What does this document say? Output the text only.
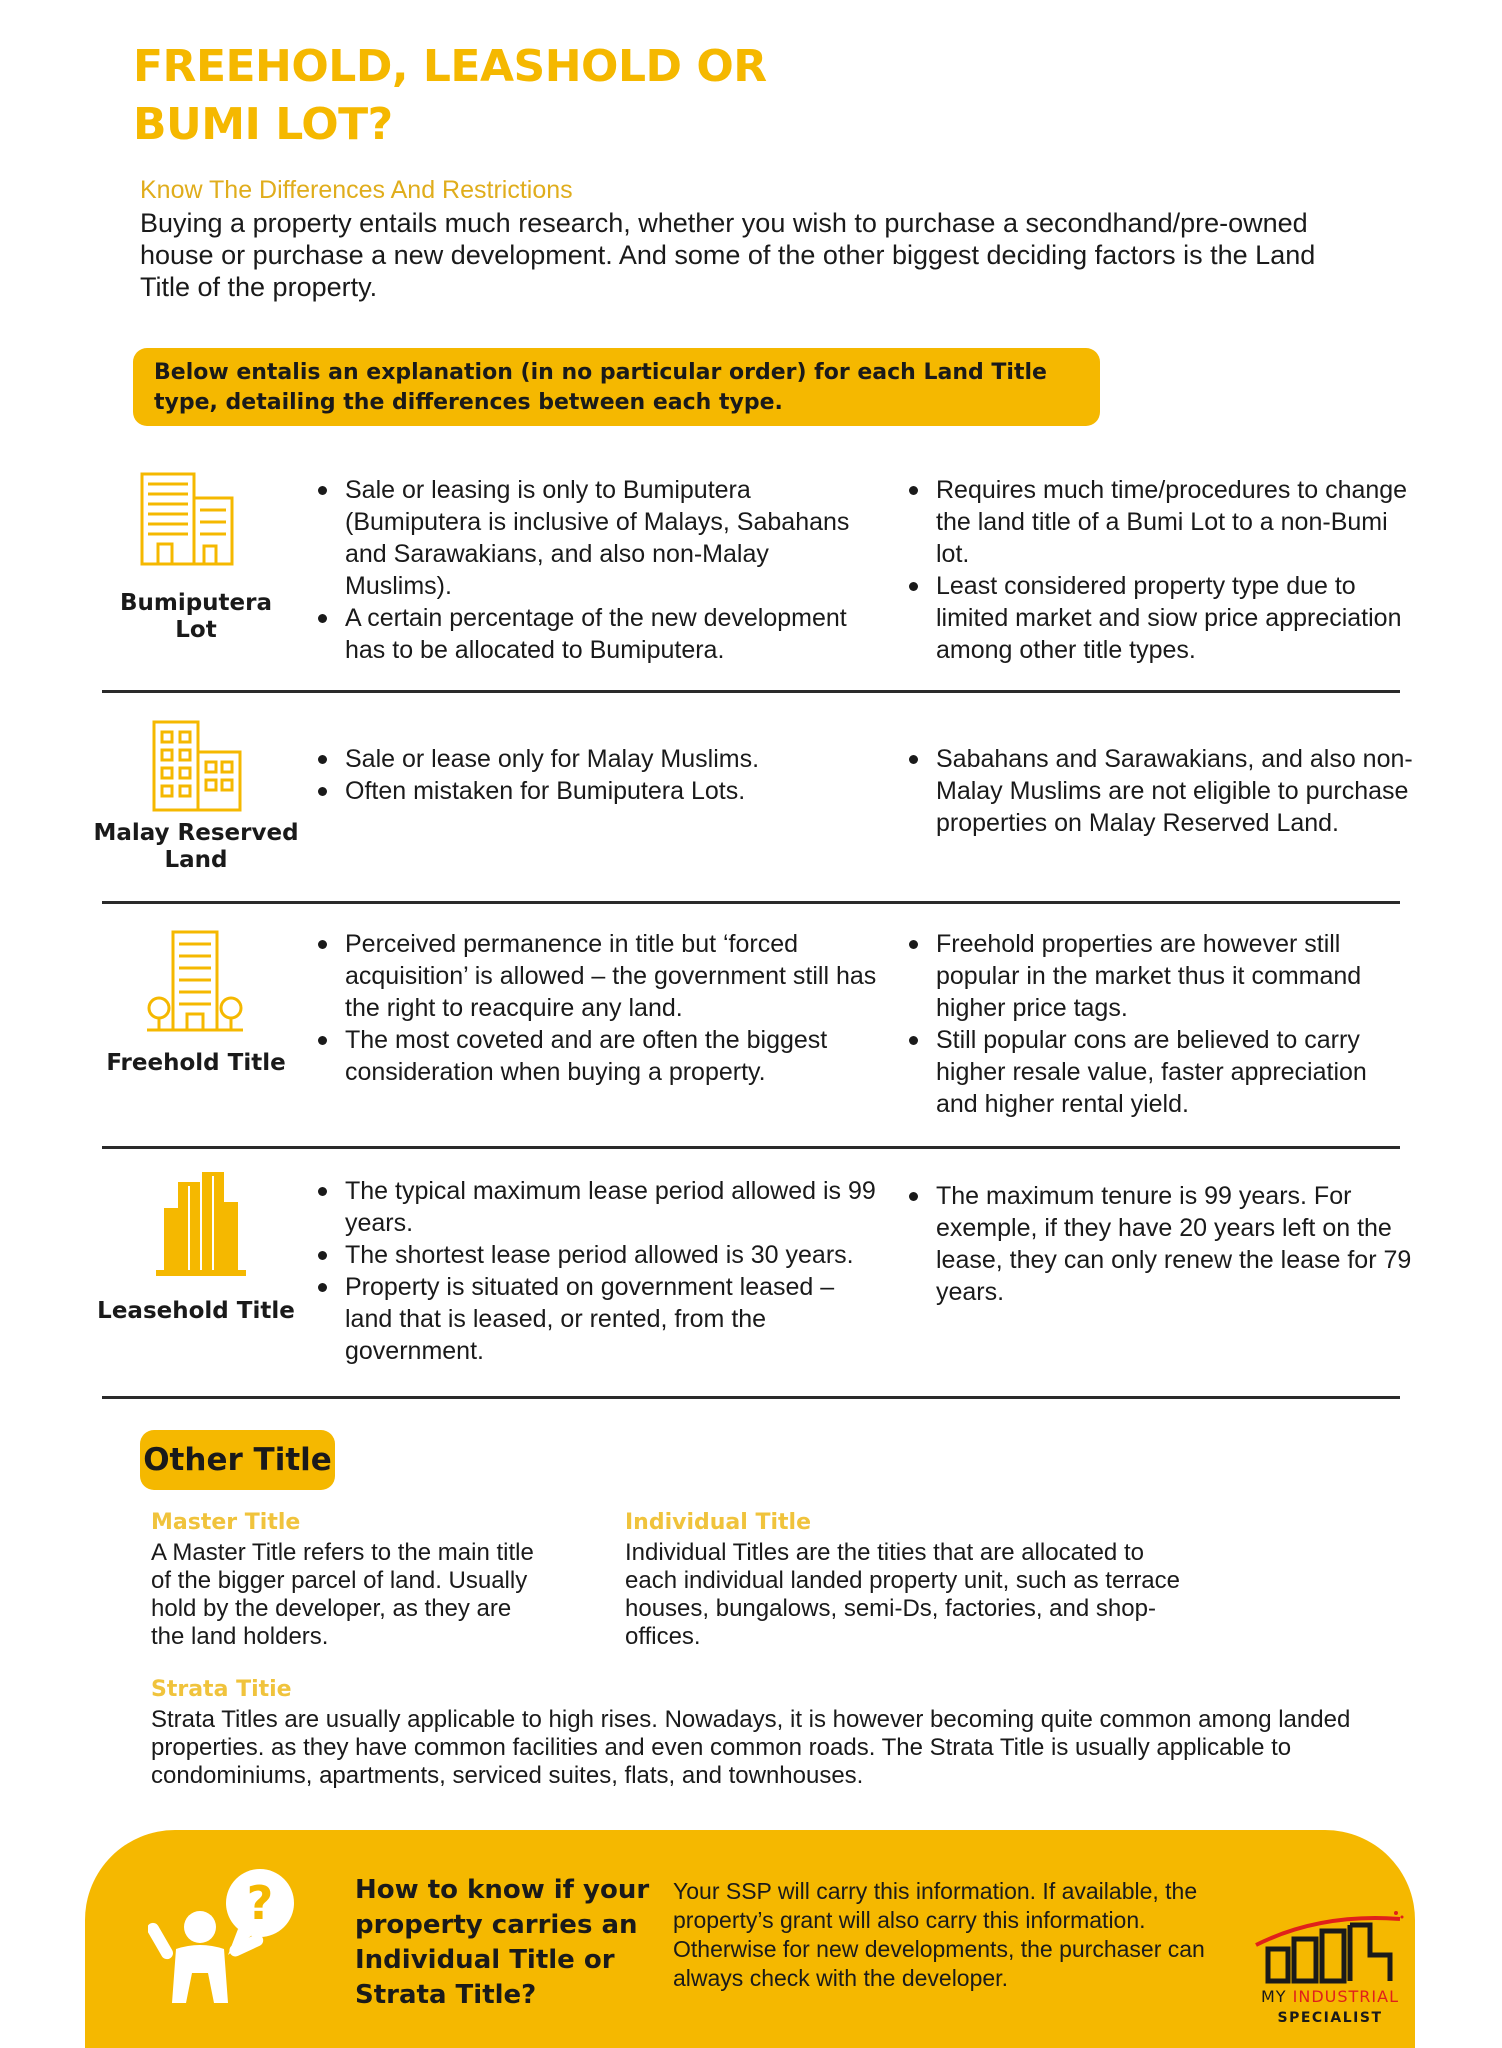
FREEHOLD, LEASHOLD OR
BUMI LOT?
Know The Differences And Restrictions
Buying a property entails much research, whether you wish to purchase a secondhand/pre-owned house or purchase a new development. And some of the other biggest deciding factors is the Land Title of the property.
Below entalis an explanation (in no particular order) for each Land Title type, detailing the differences between each type.
Bumiputera Lot
Sale or leasing is only to Bumiputera (Bumiputera is inclusive of Malays, Sabahans and Sarawakians, and also non-Malay Muslims).
A certain percentage of the new development has to be allocated to Bumiputera.
Requires much time/procedures to change the land title of a Bumi Lot to a non-Bumi lot.
Least considered property type due to limited market and siow price appreciation among other title types.
Malay Reserved Land
Sale or lease only for Malay Muslims.
Often mistaken for Bumiputera Lots.
Sabahans and Sarawakians, and also non-Malay Muslims are not eligible to purchase properties on Malay Reserved Land.
Freehold Title
Perceived permanence in title but ‘forced acquisition’ is allowed – the government still has the right to reacquire any land.
The most coveted and are often the biggest consideration when buying a property.
Freehold properties are however still popular in the market thus it command higher price tags.
Still popular cons are believed to carry higher resale value, faster appreciation and higher rental yield.
Leasehold Title
The typical maximum lease period allowed is 99 years.
The shortest lease period allowed is 30 years.
Property is situated on government leased – land that is leased, or rented, from the government.
The maximum tenure is 99 years. For exemple, if they have 20 years left on the lease, they can only renew the lease for 79 years.
Other Title
Master Title
A Master Title refers to the main title of the bigger parcel of land. Usually hold by the developer, as they are the land holders.
Individual Title
Individual Titles are the tities that are allocated to each individual landed property unit, such as terrace houses, bungalows, semi-Ds, factories, and shop-offices.
Strata Titie
Strata Titles are usually applicable to high rises. Nowadays, it is however becoming quite common among landed properties. as they have common facilities and even common roads. The Strata Title is usually applicable to condominiums, apartments, serviced suites, flats, and townhouses.
?	How to know if your property carries an Individual Title or Strata Title?
Your SSP will carry this information. If available, the property’s grant will also carry this information. Otherwise for new developments, the purchaser can always check with the developer.
MY INDUSTRIAL
SPECIALIST
